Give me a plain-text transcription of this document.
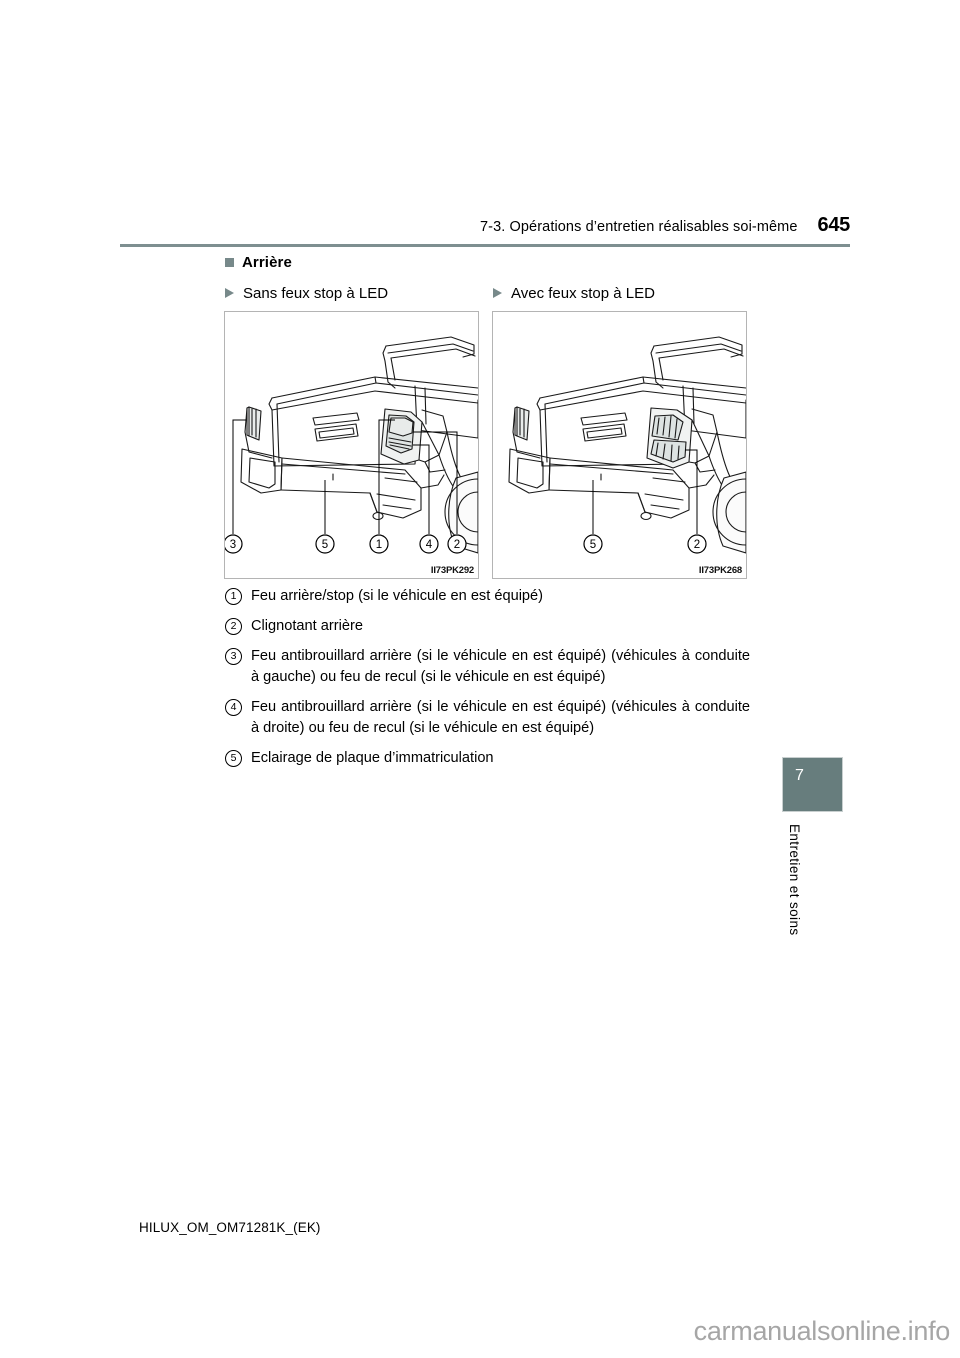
7-3. Opérations d’entretien réalisables soi-même 645
Arrière
Sans feux stop à LED	Avec feux stop à LED
3	5	1	4 2
II73PK292
5	2
II73PK268
1 Feu arrière/stop (si le véhicule en est équipé)
2 Clignotant arrière
3 Feu antibrouillard arrière (si le véhicule en est équipé) (véhicules à conduite à gauche) ou feu de recul (si le véhicule en est équipé)
4 Feu antibrouillard arrière (si le véhicule en est équipé) (véhicules à conduite à droite) ou feu de recul (si le véhicule en est équipé)
5 Eclairage de plaque d’immatriculation
7
Entretien et soins
HILUX_OM_OM71281K_(EK)
carmanualsonline.info
